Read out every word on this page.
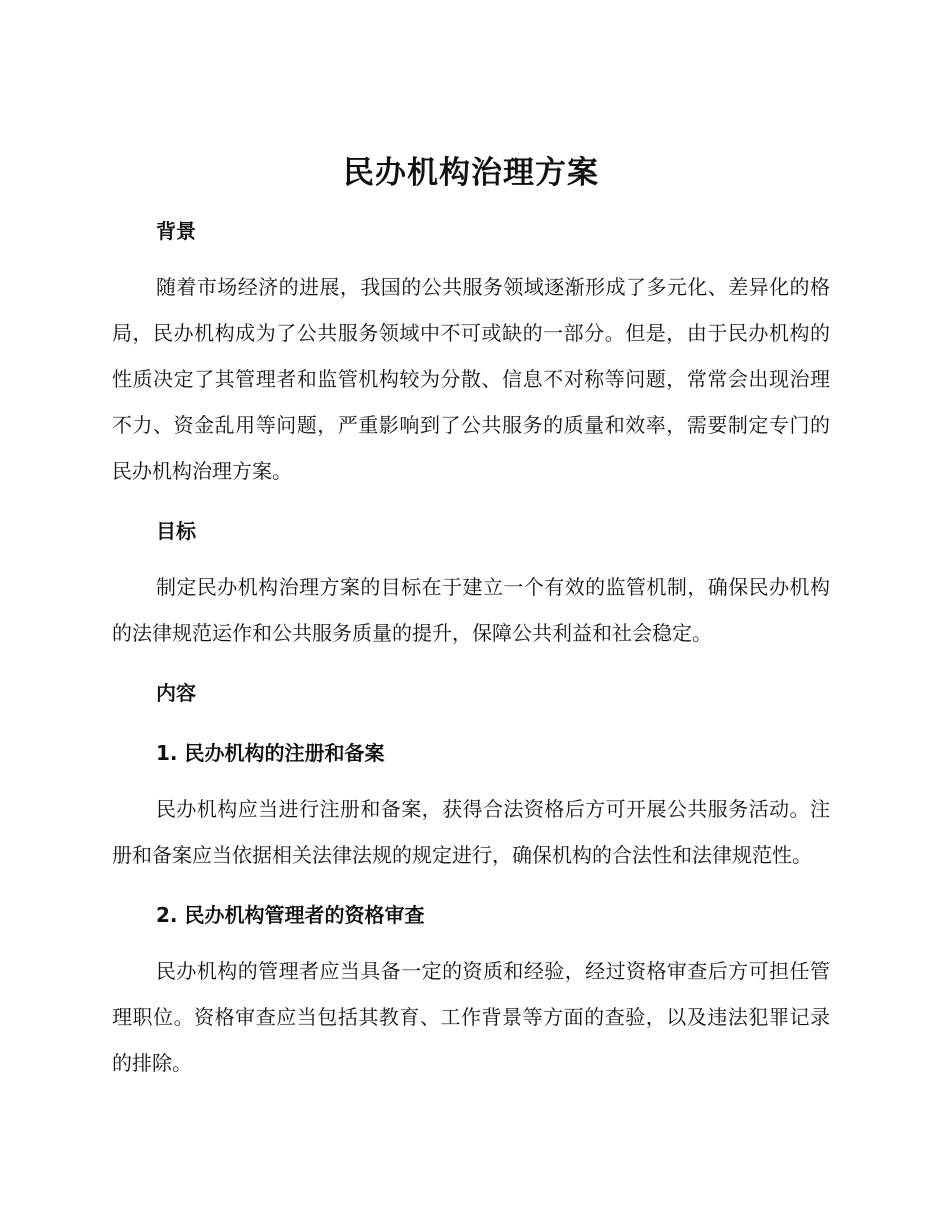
民办机构治理方案
背景

随着市场经济的进展，我国的公共服务领域逐渐形成了多元化、差异化的格局，民办机构成为了公共服务领域中不可或缺的一部分。但是，由于民办机构的性质决定了其管理者和监管机构较为分散、信息不对称等问题，常常会出现治理不力、资金乱用等问题，严重影响到了公共服务的质量和效率，需要制定专门的民办机构治理方案。

目标

制定民办机构治理方案的目标在于建立一个有效的监管机制，确保民办机构的法律规范运作和公共服务质量的提升，保障公共利益和社会稳定。

内容
1. 民办机构的注册和备案

民办机构应当进行注册和备案，获得合法资格后方可开展公共服务活动。注册和备案应当依据相关法律法规的规定进行，确保机构的合法性和法律规范性。

2. 民办机构管理者的资格审查

民办机构的管理者应当具备一定的资质和经验，经过资格审查后方可担任管理职位。资格审查应当包括其教育、工作背景等方面的查验，以及违法犯罪记录的排除。
